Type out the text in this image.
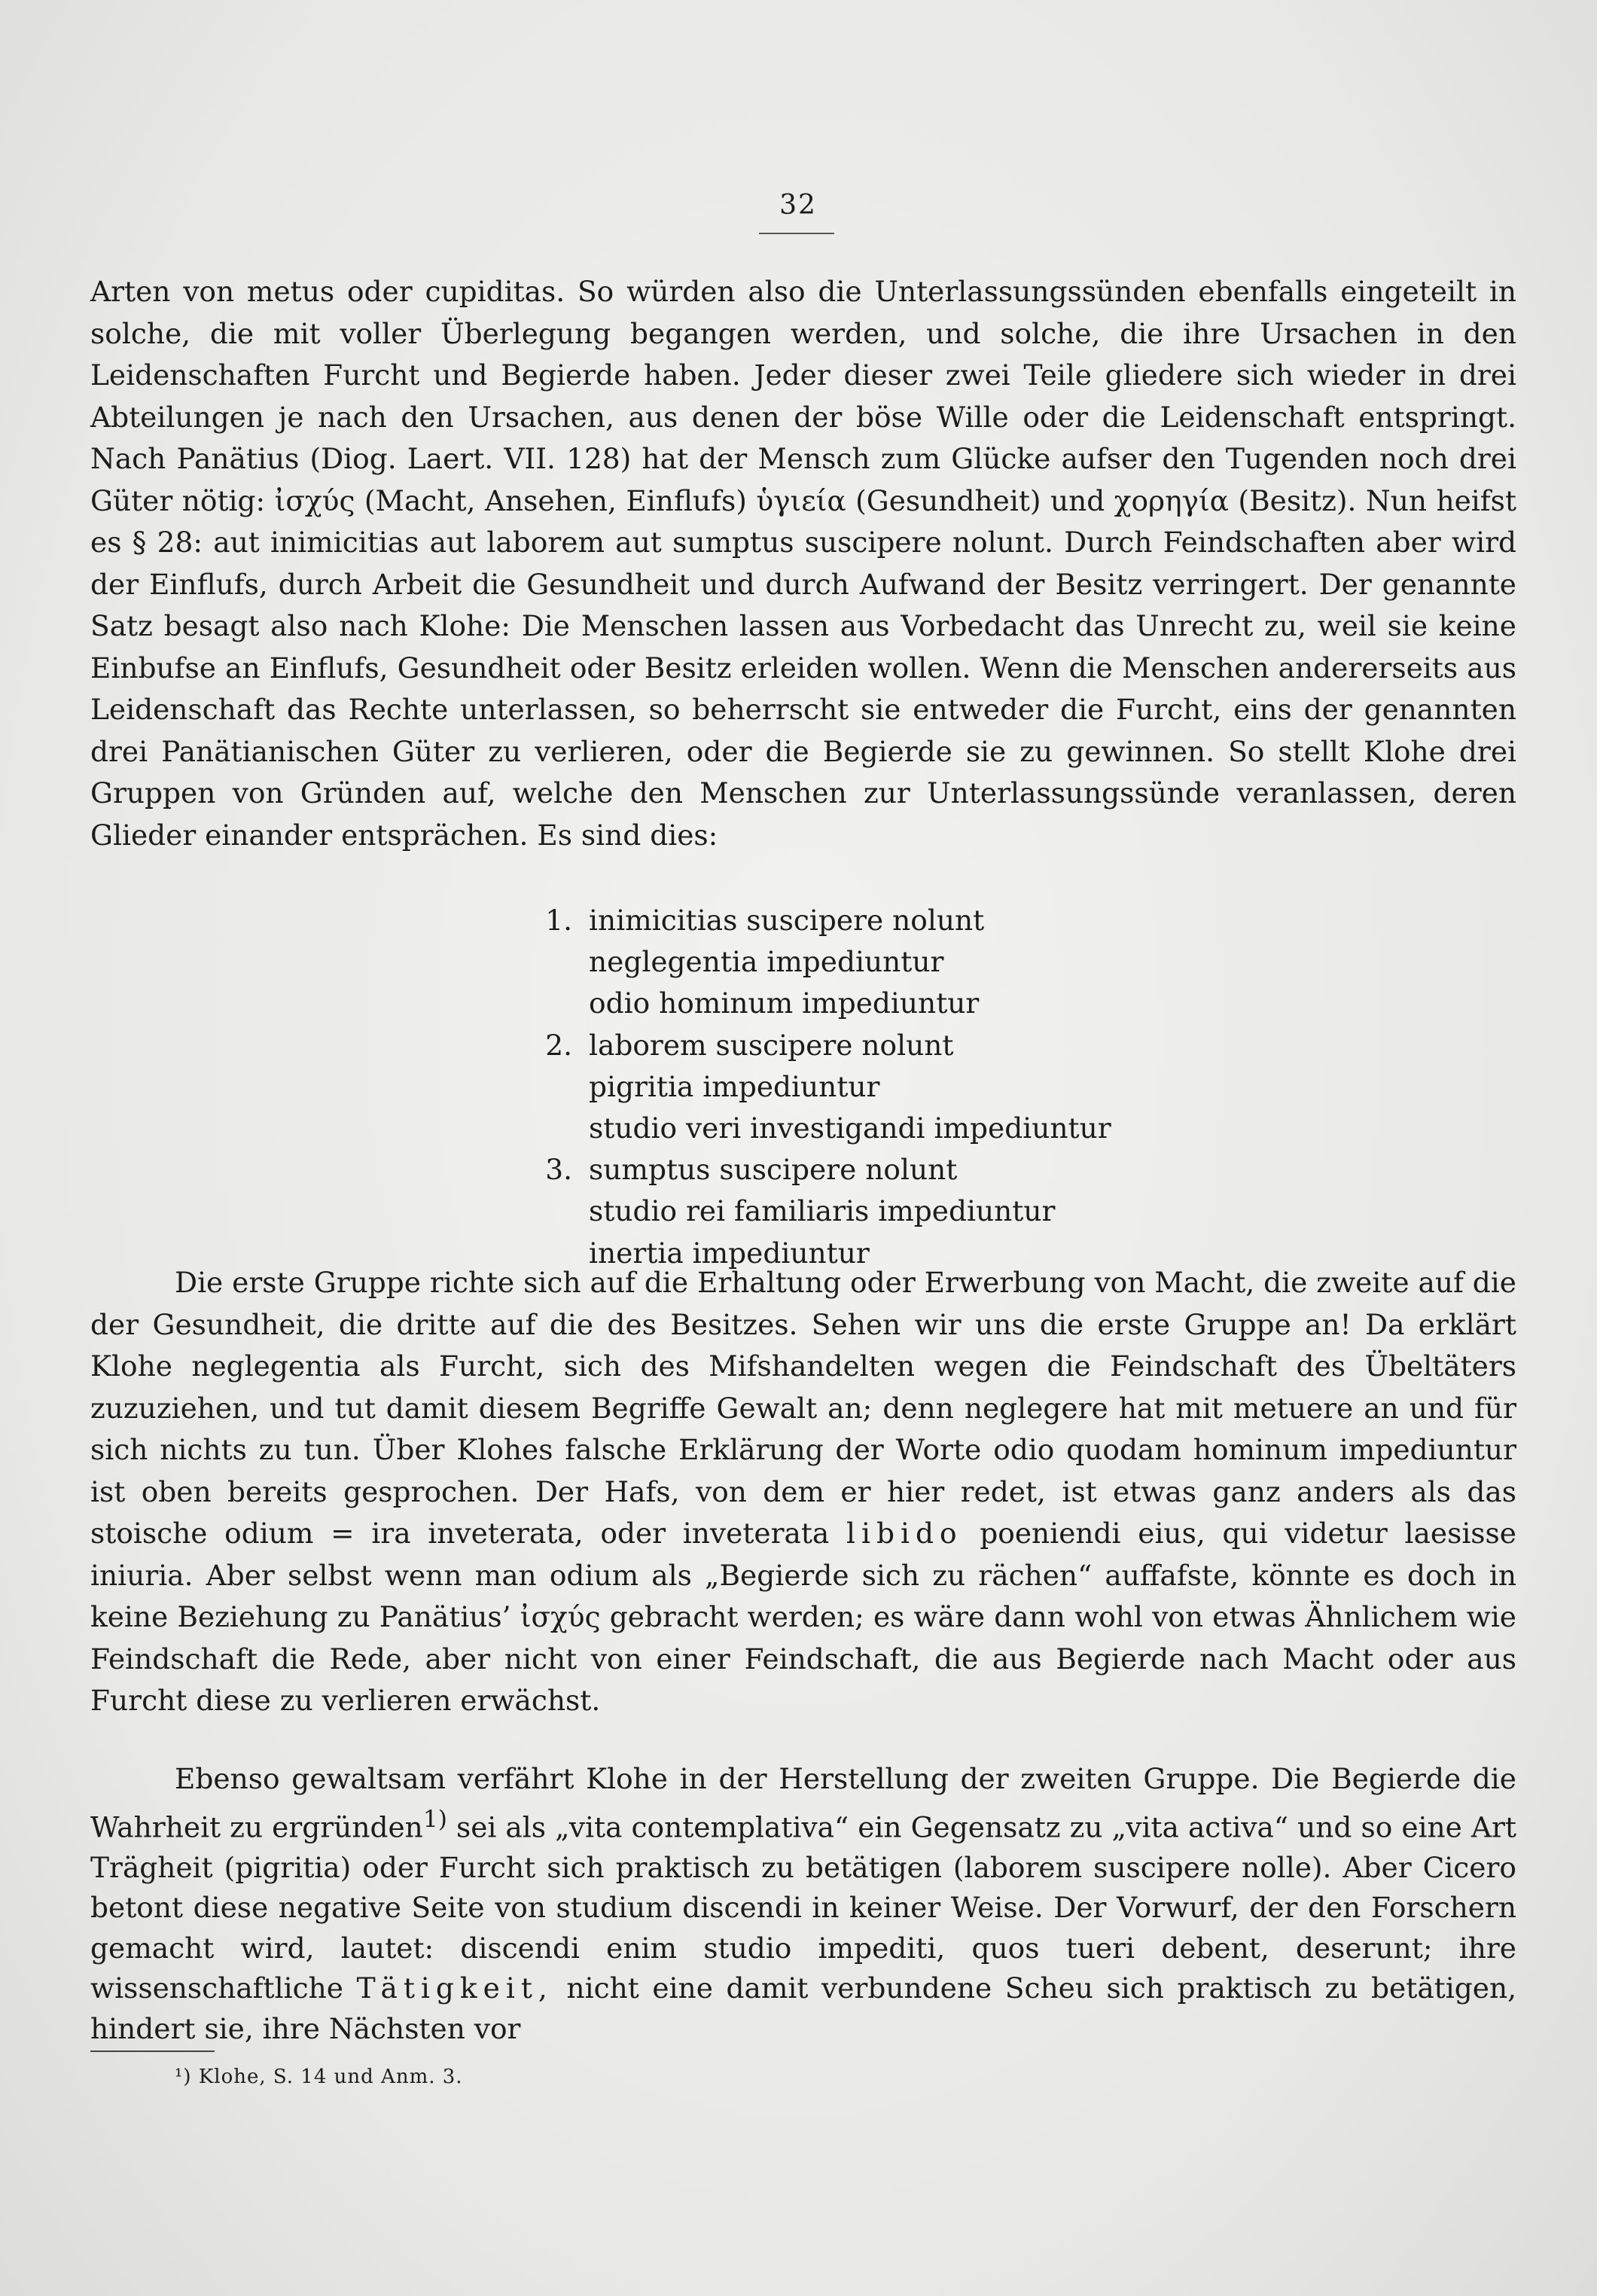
32
Arten von metus oder cupiditas. So würden also die Unterlassungssünden ebenfalls eingeteilt in solche, die mit voller Überlegung begangen werden, und solche, die ihre Ursachen in den Leidenschaften Furcht und Begierde haben. Jeder dieser zwei Teile gliedere sich wieder in drei Abteilungen je nach den Ursachen, aus denen der böse Wille oder die Leidenschaft entspringt. Nach Panätius (Diog. Laert. VII. 128) hat der Mensch zum Glücke aufser den Tugenden noch drei Güter nötig: ἰσχύς (Macht, Ansehen, Einflufs) ὑγιεία (Gesundheit) und χορηγία (Besitz). Nun heifst es § 28: aut inimicitias aut laborem aut sumptus suscipere nolunt. Durch Feindschaften aber wird der Einflufs, durch Arbeit die Gesundheit und durch Aufwand der Besitz verringert. Der genannte Satz besagt also nach Klohe: Die Menschen lassen aus Vorbedacht das Unrecht zu, weil sie keine Einbufse an Einflufs, Gesundheit oder Besitz erleiden wollen. Wenn die Menschen andererseits aus Leidenschaft das Rechte unterlassen, so beherrscht sie entweder die Furcht, eins der genannten drei Panätianischen Güter zu verlieren, oder die Begierde sie zu gewinnen. So stellt Klohe drei Gruppen von Gründen auf, welche den Menschen zur Unterlassungssünde veranlassen, deren Glieder einander entsprächen. Es sind dies:
1. inimicitias suscipere nolunt
neglegentia impediuntur
odio hominum impediuntur
2. laborem suscipere nolunt
pigritia impediuntur
studio veri investigandi impediuntur
3. sumptus suscipere nolunt
studio rei familiaris impediuntur
inertia impediuntur
Die erste Gruppe richte sich auf die Erhaltung oder Erwerbung von Macht, die zweite auf die der Gesundheit, die dritte auf die des Besitzes. Sehen wir uns die erste Gruppe an! Da erklärt Klohe neglegentia als Furcht, sich des Mifshandelten wegen die Feindschaft des Übeltäters zuzuziehen, und tut damit diesem Begriffe Gewalt an; denn neglegere hat mit metuere an und für sich nichts zu tun. Über Klohes falsche Erklärung der Worte odio quodam hominum impediuntur ist oben bereits gesprochen. Der Hafs, von dem er hier redet, ist etwas ganz anders als das stoische odium = ira inveterata, oder inveterata libido poeniendi eius, qui videtur laesisse iniuria. Aber selbst wenn man odium als „Begierde sich zu rächen“ auffafste, könnte es doch in keine Beziehung zu Panätius’ ἰσχύς gebracht werden; es wäre dann wohl von etwas Ähnlichem wie Feindschaft die Rede, aber nicht von einer Feindschaft, die aus Begierde nach Macht oder aus Furcht diese zu verlieren erwächst.
Ebenso gewaltsam verfährt Klohe in der Herstellung der zweiten Gruppe. Die Begierde die Wahrheit zu ergründen$^{1)}$ sei als „vita contemplativa“ ein Gegensatz zu „vita activa“ und so eine Art Trägheit (pigritia) oder Furcht sich praktisch zu betätigen (laborem suscipere nolle). Aber Cicero betont diese negative Seite von studium discendi in keiner Weise. Der Vorwurf, der den Forschern gemacht wird, lautet: discendi enim studio impediti, quos tueri debent, deserunt; ihre wissenschaftliche Tätigkeit, nicht eine damit verbundene Scheu sich praktisch zu betätigen, hindert sie, ihre Nächsten vor
¹) Klohe, S. 14 und Anm. 3.
